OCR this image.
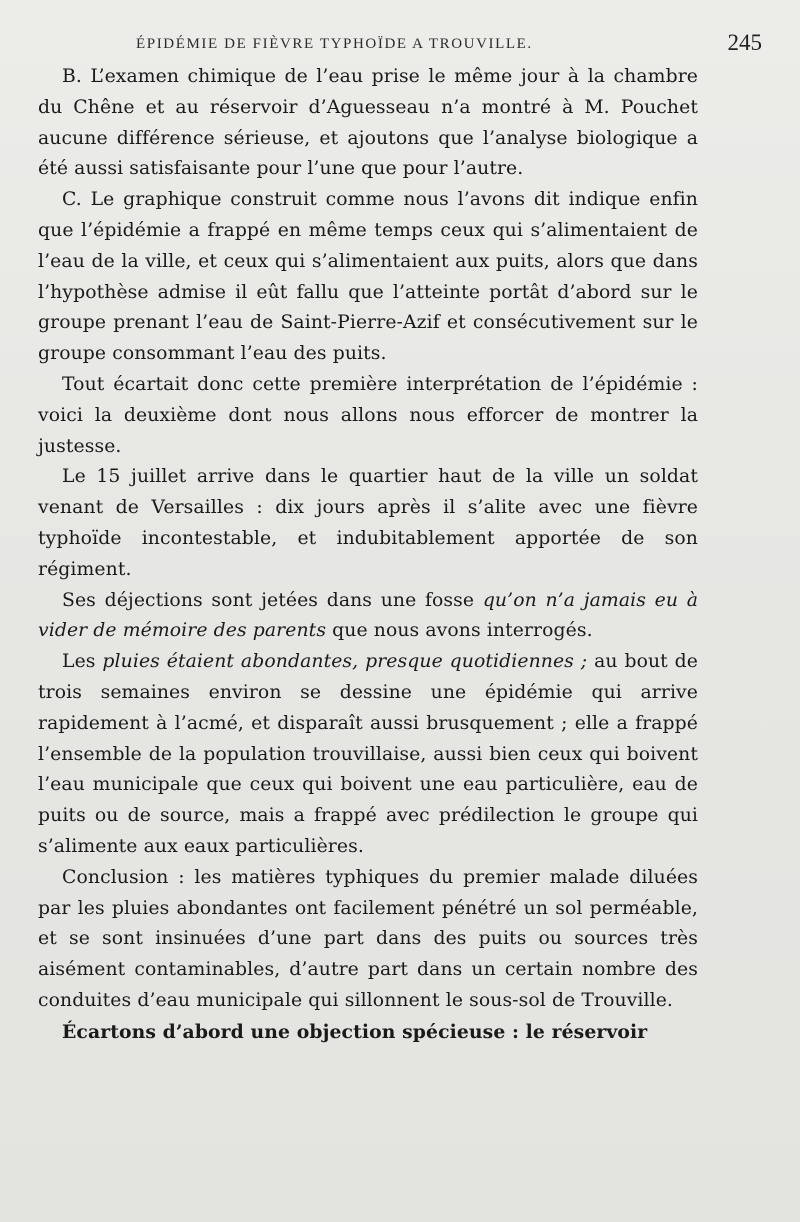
ÉPIDÉMIE DE FIÈVRE TYPHOÏDE A TROUVILLE.	245

B. L’examen chimique de l’eau prise le même jour à la chambre du Chêne et au réservoir d’Aguesseau n’a montré à M. Pouchet aucune différence sérieuse, et ajoutons que l’analyse biologique a été aussi satisfaisante pour l’une que pour l’autre.

C. Le graphique construit comme nous l’avons dit indique enfin que l’épidémie a frappé en même temps ceux qui s’alimentaient de l’eau de la ville, et ceux qui s’alimentaient aux puits, alors que dans l’hypothèse admise il eût fallu que l’atteinte portât d’abord sur le groupe prenant l’eau de Saint-Pierre-Azif et consécutivement sur le groupe consommant l’eau des puits.

Tout écartait donc cette première interprétation de l’épidémie : voici la deuxième dont nous allons nous efforcer de montrer la justesse.

Le 15 juillet arrive dans le quartier haut de la ville un soldat venant de Versailles : dix jours après il s’alite avec une fièvre typhoïde incontestable, et indubitablement apportée de son régiment.

Ses déjections sont jetées dans une fosse qu’on n’a jamais eu à vider de mémoire des parents que nous avons interrogés.

Les pluies étaient abondantes, presque quotidiennes ; au bout de trois semaines environ se dessine une épidémie qui arrive rapidement à l’acmé, et disparaît aussi brusquement ; elle a frappé l’ensemble de la population trouvillaise, aussi bien ceux qui boivent l’eau municipale que ceux qui boivent une eau particulière, eau de puits ou de source, mais a frappé avec prédilection le groupe qui s’alimente aux eaux particulières.

Conclusion : les matières typhiques du premier malade diluées par les pluies abondantes ont facilement pénétré un sol perméable, et se sont insinuées d’une part dans des puits ou sources très aisément contaminables, d’autre part dans un certain nombre des conduites d’eau municipale qui sillonnent le sous-sol de Trouville.

Écartons d’abord une objection spécieuse : le réservoir
